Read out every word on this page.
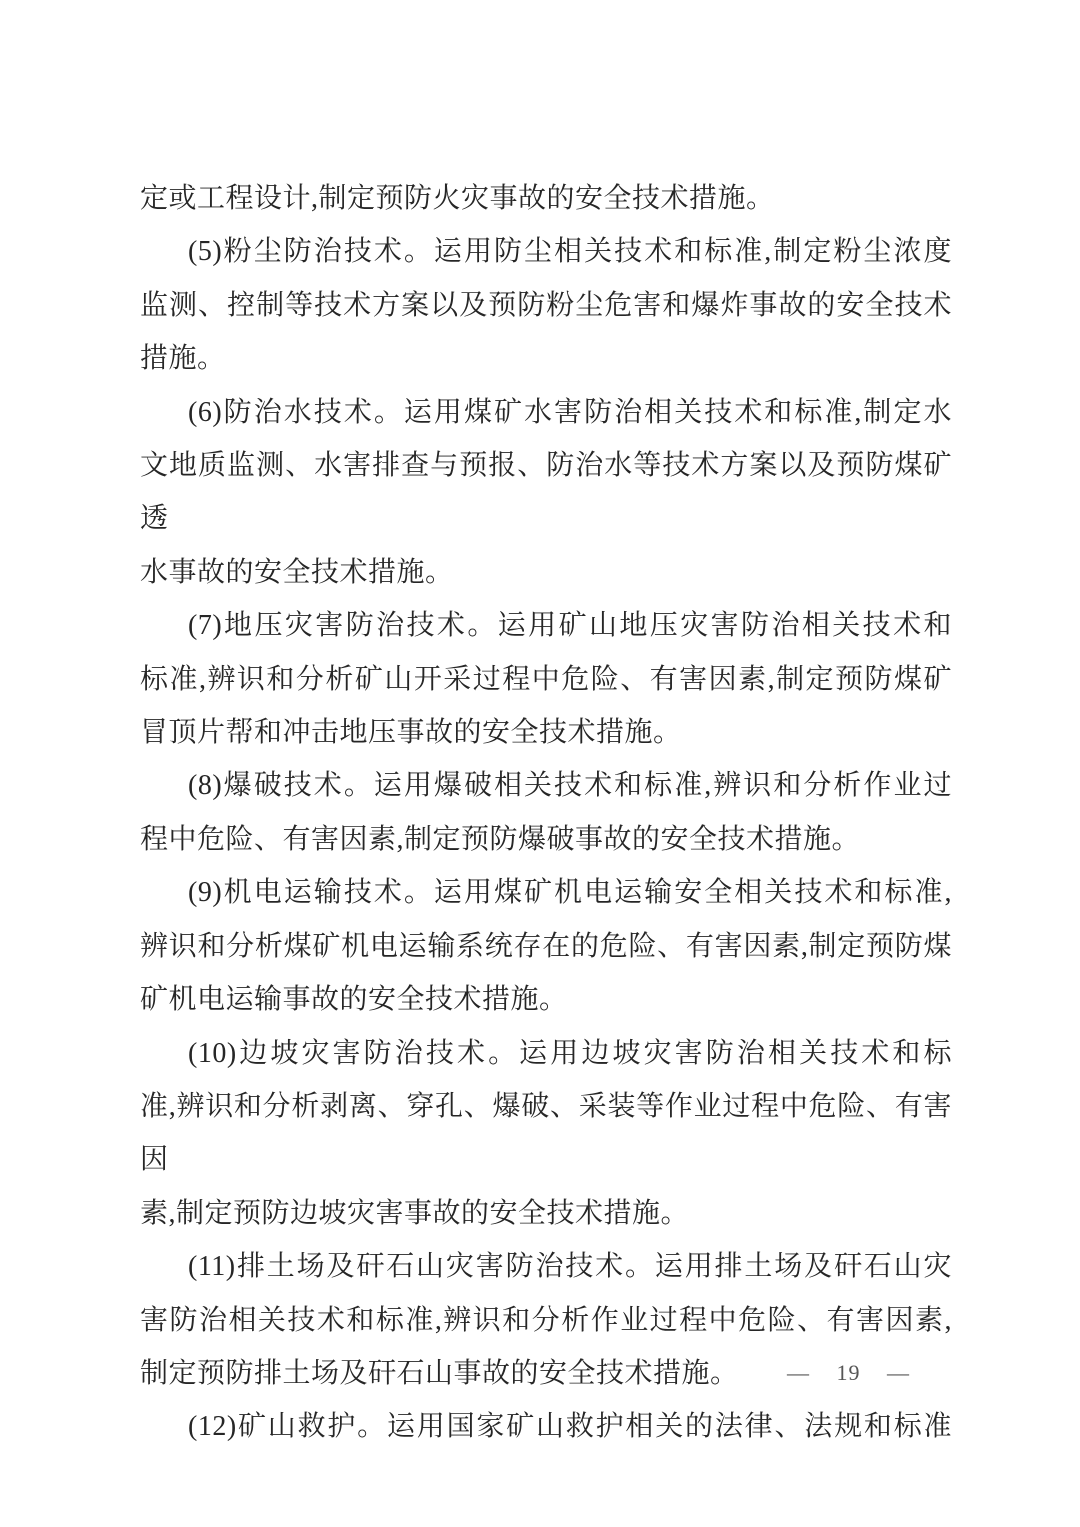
定或工程设计,制定预防火灾事故的安全技术措施。
(5)粉尘防治技术。运用防尘相关技术和标准,制定粉尘浓度
监测、控制等技术方案以及预防粉尘危害和爆炸事故的安全技术
措施。
(6)防治水技术。运用煤矿水害防治相关技术和标准,制定水
文地质监测、水害排查与预报、防治水等技术方案以及预防煤矿透
水事故的安全技术措施。
(7)地压灾害防治技术。运用矿山地压灾害防治相关技术和
标准,辨识和分析矿山开采过程中危险、有害因素,制定预防煤矿
冒顶片帮和冲击地压事故的安全技术措施。
(8)爆破技术。运用爆破相关技术和标准,辨识和分析作业过
程中危险、有害因素,制定预防爆破事故的安全技术措施。
(9)机电运输技术。运用煤矿机电运输安全相关技术和标准,
辨识和分析煤矿机电运输系统存在的危险、有害因素,制定预防煤
矿机电运输事故的安全技术措施。
(10)边坡灾害防治技术。运用边坡灾害防治相关技术和标
准,辨识和分析剥离、穿孔、爆破、采装等作业过程中危险、有害因
素,制定预防边坡灾害事故的安全技术措施。
(11)排土场及矸石山灾害防治技术。运用排土场及矸石山灾
害防治相关技术和标准,辨识和分析作业过程中危险、有害因素,
制定预防排土场及矸石山事故的安全技术措施。
(12)矿山救护。运用国家矿山救护相关的法律、法规和标准
— 19 —
